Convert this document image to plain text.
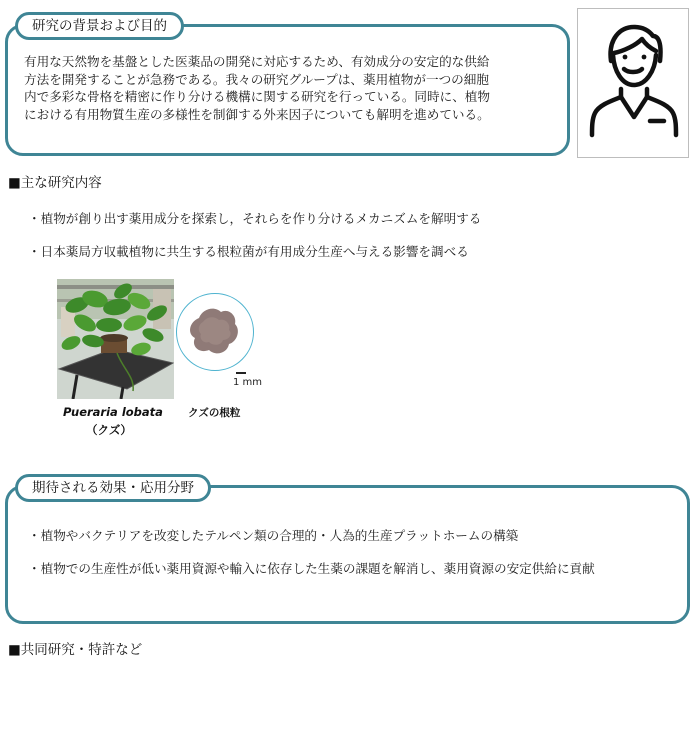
研究の背景および目的

有用な天然物を基盤とした医薬品の開発に対応するため、有効成分の安定的な供給

方法を開発することが急務である。我々の研究グループは、薬用植物が一つの細胞

内で多彩な骨格を精密に作り分ける機構に関する研究を行っている。同時に、植物

における有用物質生産の多様性を制御する外来因子についても解明を進めている。

■主な研究内容

・植物が創り出す薬用成分を探索し，それらを作り分けるメカニズムを解明する

・日本薬局方収載植物に共生する根粒菌が有用成分生産へ与える影響を調べる

1 mm

Pueraria lobata

（クズ）

クズの根粒

期待される効果・応用分野

・植物やバクテリアを改変したテルペン類の合理的・人為的生産プラットホームの構築

・植物での生産性が低い薬用資源や輸入に依存した生薬の課題を解消し、薬用資源の安定供給に貢献

■共同研究・特許など
